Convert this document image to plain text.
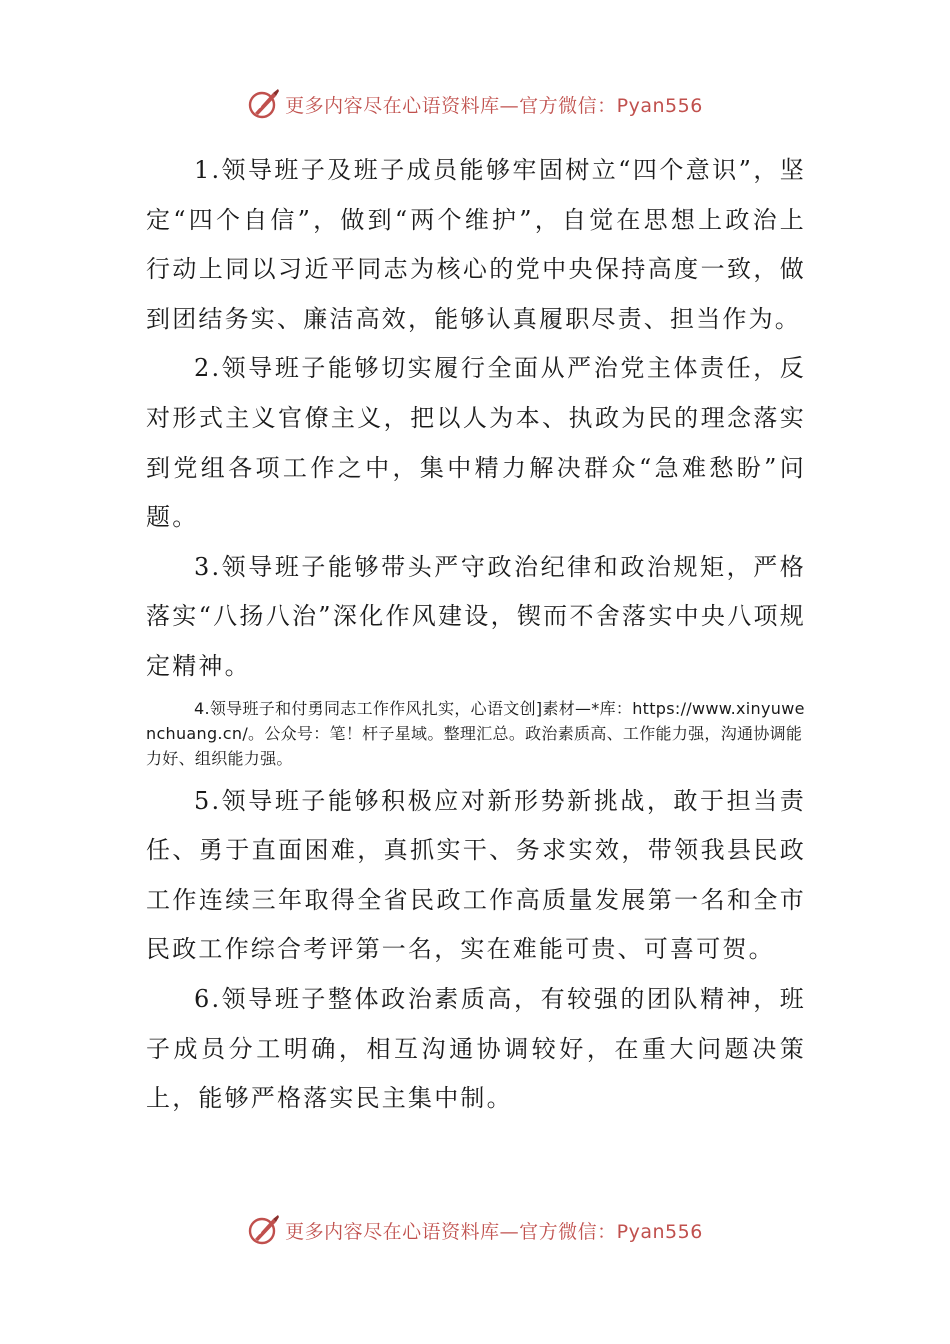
更多内容尽在心语资料库—官方微信：Pyan556

1.领导班子及班子成员能够牢固树立“四个意识”，坚定“四个自信”，做到“两个维护”，自觉在思想上政治上行动上同以习近平同志为核心的党中央保持高度一致，做到团结务实、廉洁高效，能够认真履职尽责、担当作为。

2.领导班子能够切实履行全面从严治党主体责任，反对形式主义官僚主义，把以人为本、执政为民的理念落实到党组各项工作之中，集中精力解决群众“急难愁盼”问题。

3.领导班子能够带头严守政治纪律和政治规矩，严格落实“八扬八治”深化作风建设，锲而不舍落实中央八项规定精神。

4.领导班子和付勇同志工作作风扎实，心语文创]素材—*库：https://www.xinyuwenchuang.cn/。公众号：笔！杆子星域。整理汇总。政治素质高、工作能力强，沟通协调能力好、组织能力强。

5.领导班子能够积极应对新形势新挑战，敢于担当责任、勇于直面困难，真抓实干、务求实效，带领我县民政工作连续三年取得全省民政工作高质量发展第一名和全市民政工作综合考评第一名，实在难能可贵、可喜可贺。

6.领导班子整体政治素质高，有较强的团队精神，班子成员分工明确，相互沟通协调较好，在重大问题决策上，能够严格落实民主集中制。

更多内容尽在心语资料库—官方微信：Pyan556
